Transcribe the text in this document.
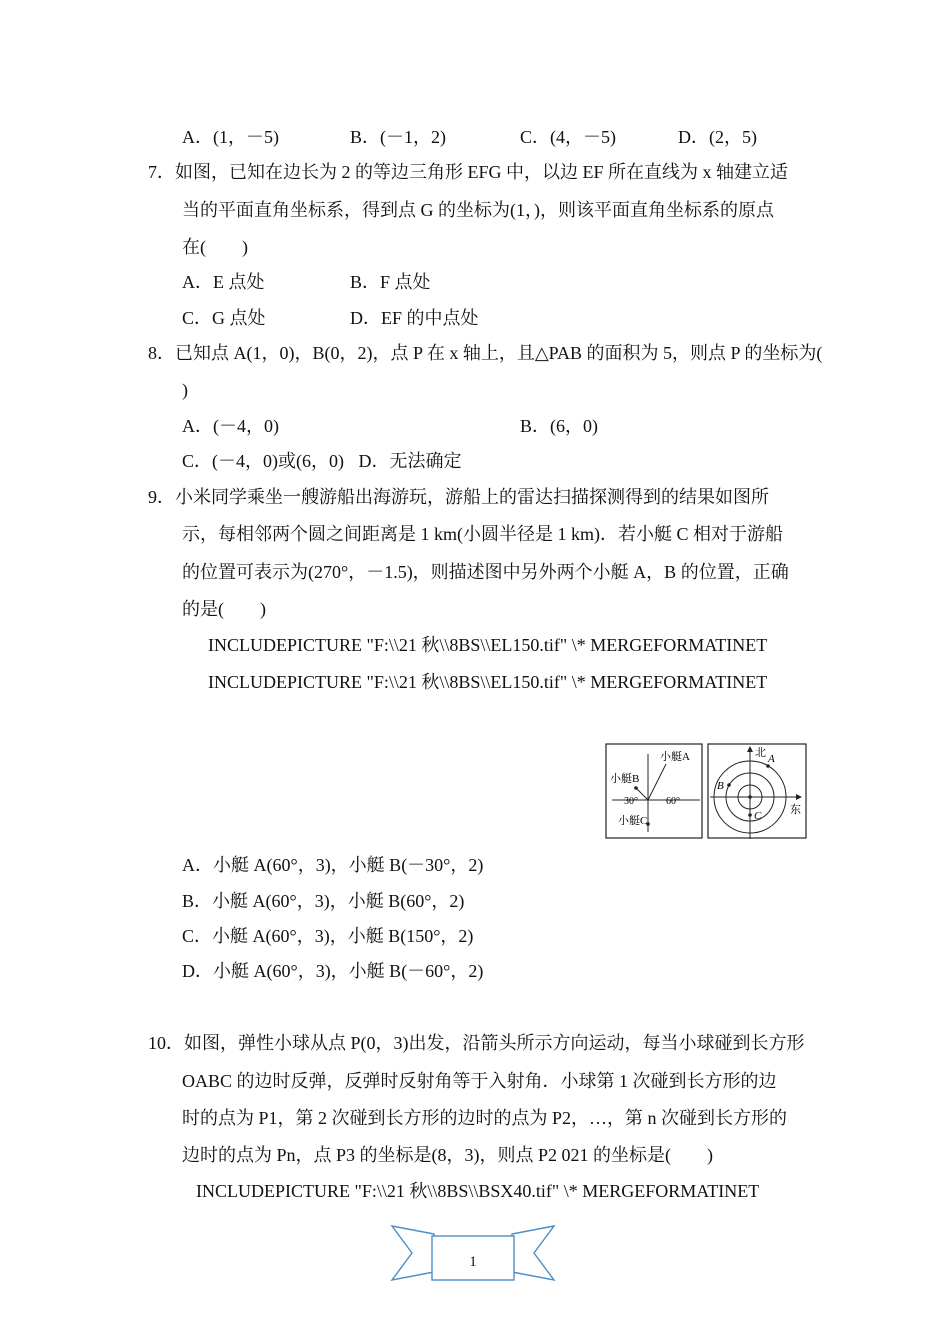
A．(1，－5)	B．(－1，2)	C．(4，－5)	D．(2，5)
7．如图，已知在边长为 2 的等边三角形 EFG 中，以边 EF 所在直线为 x 轴建立适
当的平面直角坐标系，得到点 G 的坐标为(1，)，则该平面直角坐标系的原点
在(　　)
A．E 点处	B．F 点处
C．G 点处	D．EF 的中点处
8．已知点 A(1，0)，B(0，2)，点 P 在 x 轴上，且△PAB 的面积为 5，则点 P 的坐标为(
)
A．(－4，0)	B．(6，0)
C．(－4，0)或(6，0) D．无法确定
9．小米同学乘坐一艘游船出海游玩，游船上的雷达扫描探测得到的结果如图所
示，每相邻两个圆之间距离是 1 km(小圆半径是 1 km)．若小艇 C 相对于游船
的位置可表示为(270°，－1.5)，则描述图中另外两个小艇 A，B 的位置，正确
的是(　　)
INCLUDEPICTURE "F:\\21 秋\\8BS\\EL150.tif" \* MERGEFORMATINET
INCLUDEPICTURE "F:\\21 秋\\8BS\\EL150.tif" \* MERGEFORMATINET
小艇A
小艇B
30°	60°
小艇C
北 A
B
C	东
A．小艇 A(60°，3)，小艇 B(－30°，2)
B．小艇 A(60°，3)，小艇 B(60°，2)
C．小艇 A(60°，3)，小艇 B(150°，2)
D．小艇 A(60°，3)，小艇 B(－60°，2)
10．如图，弹性小球从点 P(0，3)出发，沿箭头所示方向运动，每当小球碰到长方形
OABC 的边时反弹，反弹时反射角等于入射角．小球第 1 次碰到长方形的边
时的点为 P1，第 2 次碰到长方形的边时的点为 P2，…，第 n 次碰到长方形的
边时的点为 Pn，点 P3 的坐标是(8，3)，则点 P2 021 的坐标是(　　)
INCLUDEPICTURE "F:\\21 秋\\8BS\\BSX40.tif" \* MERGEFORMATINET
1
